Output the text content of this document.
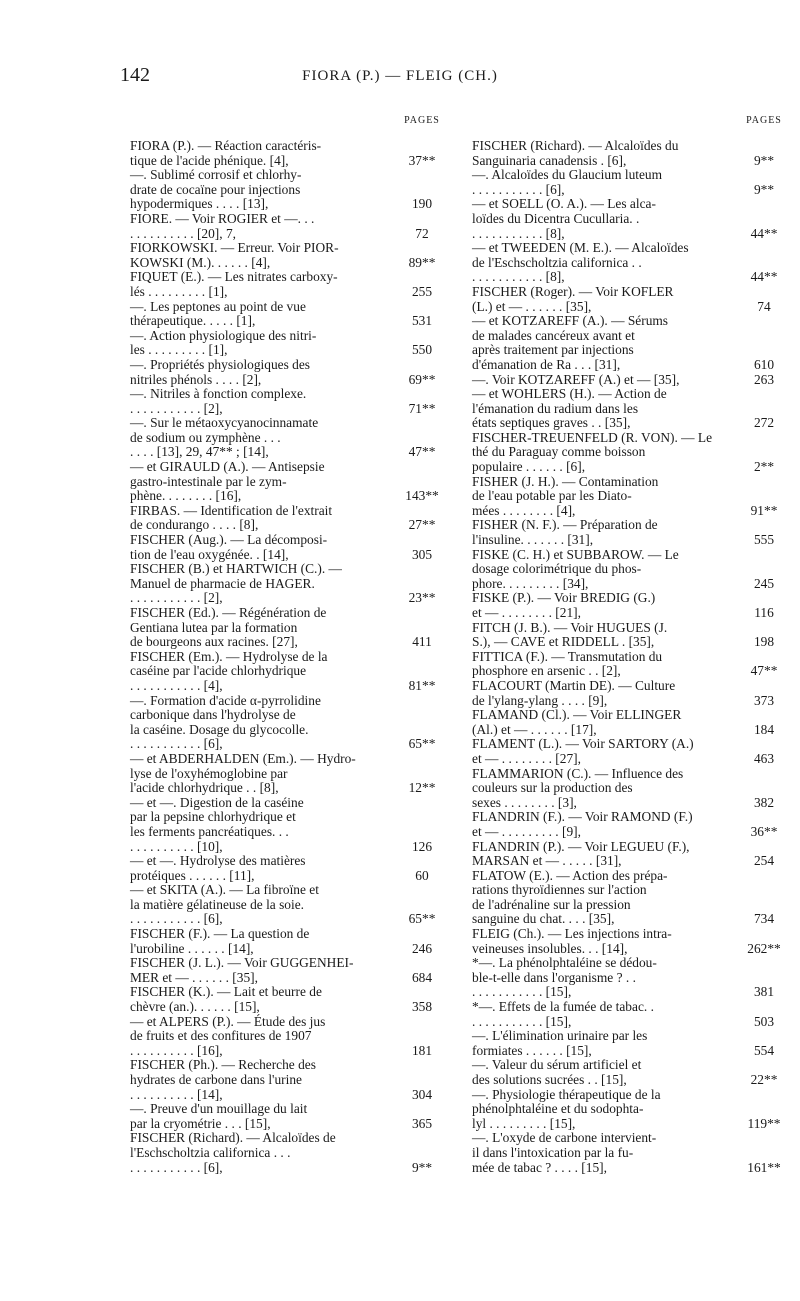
142	FIORA (P.) — FLEIG (CH.)
PAGES
FIORA (P.). — Réaction caractéris-
tique de l'acide phénique. [4],	37**
—. Sublimé corrosif et chlorhy-
drate de cocaïne pour injections
hypodermiques . . . . [13],	190
FIORE. — Voir ROGIER et —. . .
. . . . . . . . . . [20], 7,	72
FIORKOWSKI. — Erreur. Voir PIOR-
KOWSKI (M.). . . . . . [4],	89**
FIQUET (E.). — Les nitrates carboxy-
lés . . . . . . . . . [1],	255
—. Les peptones au point de vue
thérapeutique. . . . . [1],	531
—. Action physiologique des nitri-
les . . . . . . . . . [1],	550
—. Propriétés physiologiques des
nitriles phénols . . . . [2],	69**
—. Nitriles à fonction complexe.
. . . . . . . . . . . [2],	71**
—. Sur le métaoxycyanocinnamate
de sodium ou zymphène . . .
. . . . [13], 29, 47** ; [14],	47**
— et GIRAULD (A.). — Antisepsie
gastro-intestinale par le zym-
phène. . . . . . . . [16],	143**
FIRBAS. — Identification de l'extrait
de condurango . . . . [8],	27**
FISCHER (Aug.). — La décomposi-
tion de l'eau oxygénée. . [14],	305
FISCHER (B.) et HARTWICH (C.). —
Manuel de pharmacie de HAGER.
. . . . . . . . . . . [2],	23**
FISCHER (Ed.). — Régénération de
Gentiana lutea par la formation
de bourgeons aux racines. [27],	411
FISCHER (Em.). — Hydrolyse de la
caséine par l'acide chlorhydrique
. . . . . . . . . . . [4],	81**
—. Formation d'acide α-pyrrolidine
carbonique dans l'hydrolyse de
la caséine. Dosage du glycocolle.
. . . . . . . . . . . [6],	65**
— et ABDERHALDEN (Em.). — Hydro-
lyse de l'oxyhémoglobine par
l'acide chlorhydrique . . [8],	12**
— et —. Digestion de la caséine
par la pepsine chlorhydrique et
les ferments pancréatiques. . .
. . . . . . . . . . [10],	126
— et —. Hydrolyse des matières
protéiques . . . . . . [11],	60
— et SKITA (A.). — La fibroïne et
la matière gélatineuse de la soie.
. . . . . . . . . . . [6],	65**
FISCHER (F.). — La question de
l'urobiline . . . . . . [14],	246
FISCHER (J. L.). — Voir GUGGENHEI-
MER et — . . . . . . [35],	684
FISCHER (K.). — Lait et beurre de
chèvre (an.). . . . . . [15],	358
— et ALPERS (P.). — Étude des jus
de fruits et des confitures de 1907
. . . . . . . . . . [16],	181
FISCHER (Ph.). — Recherche des
hydrates de carbone dans l'urine
. . . . . . . . . . [14],	304
—. Preuve d'un mouillage du lait
par la cryométrie . . . [15],	365
FISCHER (Richard). — Alcaloïdes de
l'Eschscholtzia californica . . .
. . . . . . . . . . . [6],	9**
PAGES
FISCHER (Richard). — Alcaloïdes du
Sanguinaria canadensis . [6],	9**
—. Alcaloïdes du Glaucium luteum
. . . . . . . . . . . [6],	9**
— et SOELL (O. A.). — Les alca-
loïdes du Dicentra Cucullaria. .
. . . . . . . . . . . [8],	44**
— et TWEEDEN (M. E.). — Alcaloïdes
de l'Eschscholtzia californica . .
. . . . . . . . . . . [8],	44**
FISCHER (Roger). — Voir KOFLER
(L.) et — . . . . . . [35],	74
— et KOTZAREFF (A.). — Sérums
de malades cancéreux avant et
après traitement par injections
d'émanation de Ra . . . [31],	610
—. Voir KOTZAREFF (A.) et — [35],	263
— et WOHLERS (H.). — Action de
l'émanation du radium dans les
états septiques graves . . [35],	272
FISCHER-TREUENFELD (R. VON). — Le
thé du Paraguay comme boisson
populaire . . . . . . [6],	2**
FISHER (J. H.). — Contamination
de l'eau potable par les Diato-
mées . . . . . . . . [4],	91**
FISHER (N. F.). — Préparation de
l'insuline. . . . . . . [31],	555
FISKE (C. H.) et SUBBAROW. — Le
dosage colorimétrique du phos-
phore. . . . . . . . . [34],	245
FISKE (P.). — Voir BREDIG (G.)
et — . . . . . . . . [21],	116
FITCH (J. B.). — Voir HUGUES (J.
S.), — CAVE et RIDDELL . [35],	198
FITTICA (F.). — Transmutation du
phosphore en arsenic . . [2],	47**
FLACOURT (Martin DE). — Culture
de l'ylang-ylang . . . . [9],	373
FLAMAND (Cl.). — Voir ELLINGER
(Al.) et — . . . . . . [17],	184
FLAMENT (L.). — Voir SARTORY (A.)
et — . . . . . . . . [27],	463
FLAMMARION (C.). — Influence des
couleurs sur la production des
sexes . . . . . . . . [3],	382
FLANDRIN (F.). — Voir RAMOND (F.)
et — . . . . . . . . . [9],	36**
FLANDRIN (P.). — Voir LEGUEU (F.),
MARSAN et — . . . . . [31],	254
FLATOW (E.). — Action des prépa-
rations thyroïdiennes sur l'action
de l'adrénaline sur la pression
sanguine du chat. . . . [35],	734
FLEIG (Ch.). — Les injections intra-
veineuses insolubles. . . [14],	262**
*—. La phénolphtaléine se dédou-
ble-t-elle dans l'organisme ? . .
. . . . . . . . . . . [15],	381
*—. Effets de la fumée de tabac. .
. . . . . . . . . . . [15],	503
—. L'élimination urinaire par les
formiates . . . . . . [15],	554
—. Valeur du sérum artificiel et
des solutions sucrées . . [15],	22**
—. Physiologie thérapeutique de la
phénolphtaléine et du sodophta-
lyl . . . . . . . . . [15],	119**
—. L'oxyde de carbone intervient-
il dans l'intoxication par la fu-
mée de tabac ? . . . . [15],	161**
